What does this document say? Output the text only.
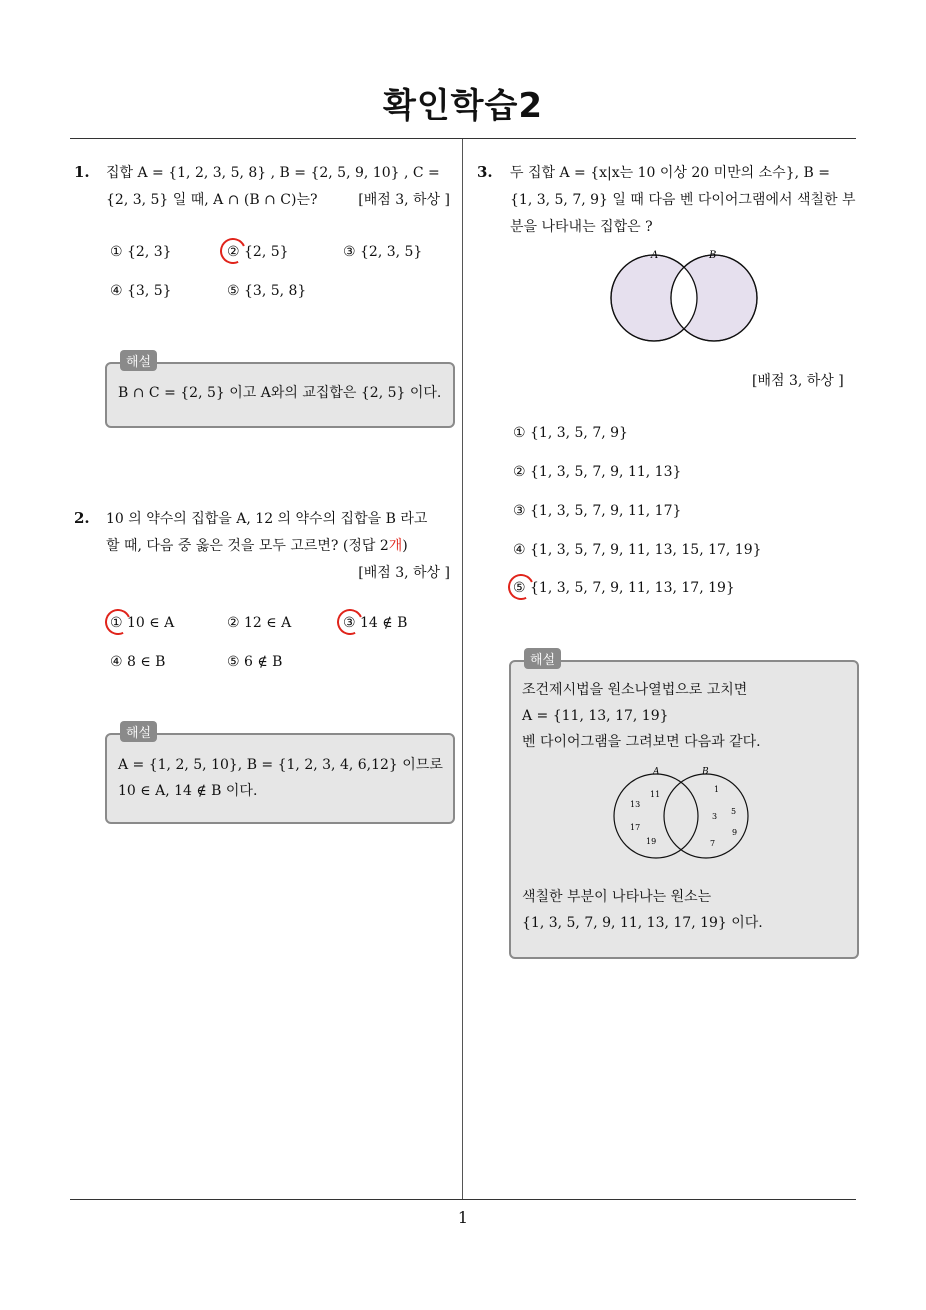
확인학습2
1. 집합 A = {1, 2, 3, 5, 8} , B = {2, 5, 9, 10} , C =
{2, 3, 5} 일 때, A ∩ (B ∩ C)는?	[배점 3, 하상 ]
① {2, 3}	② {2, 5}	③ {2, 3, 5}
④ {3, 5}	⑤ {3, 5, 8}
해설
B ∩ C = {2, 5} 이고 A와의 교집합은 {2, 5} 이다.
2. 10 의 약수의 집합을 A, 12 의 약수의 집합을 B 라고
할 때, 다음 중 옳은 것을 모두 고르면? (정답 2개)
[배점 3, 하상 ]
① 10 ∈ A	② 12 ∈ A	③ 14 ∉ B
④ 8 ∈ B	⑤ 6 ∉ B
해설
A = {1, 2, 5, 10}, B = {1, 2, 3, 4, 6,12} 이므로
10 ∈ A, 14 ∉ B 이다.
3. 두 집합 A = {x|x는 10 이상 20 미만의 소수}, B =
{1, 3, 5, 7, 9} 일 때 다음 벤 다이어그램에서 색칠한 부
분을 나타내는 집합은 ?
A	B
[배점 3, 하상 ]
① {1, 3, 5, 7, 9}
② {1, 3, 5, 7, 9, 11, 13}
③ {1, 3, 5, 7, 9, 11, 17}
④ {1, 3, 5, 7, 9, 11, 13, 15, 17, 19}
⑤ {1, 3, 5, 7, 9, 11, 13, 17, 19}
해설
조건제시법을 원소나열법으로 고치면
A = {11, 13, 17, 19}
벤 다이어그램을 그려보면 다음과 같다.
A	B
11
13
17
19
1
3
5
9
7
색칠한 부분이 나타나는 원소는
{1, 3, 5, 7, 9, 11, 13, 17, 19} 이다.
1
